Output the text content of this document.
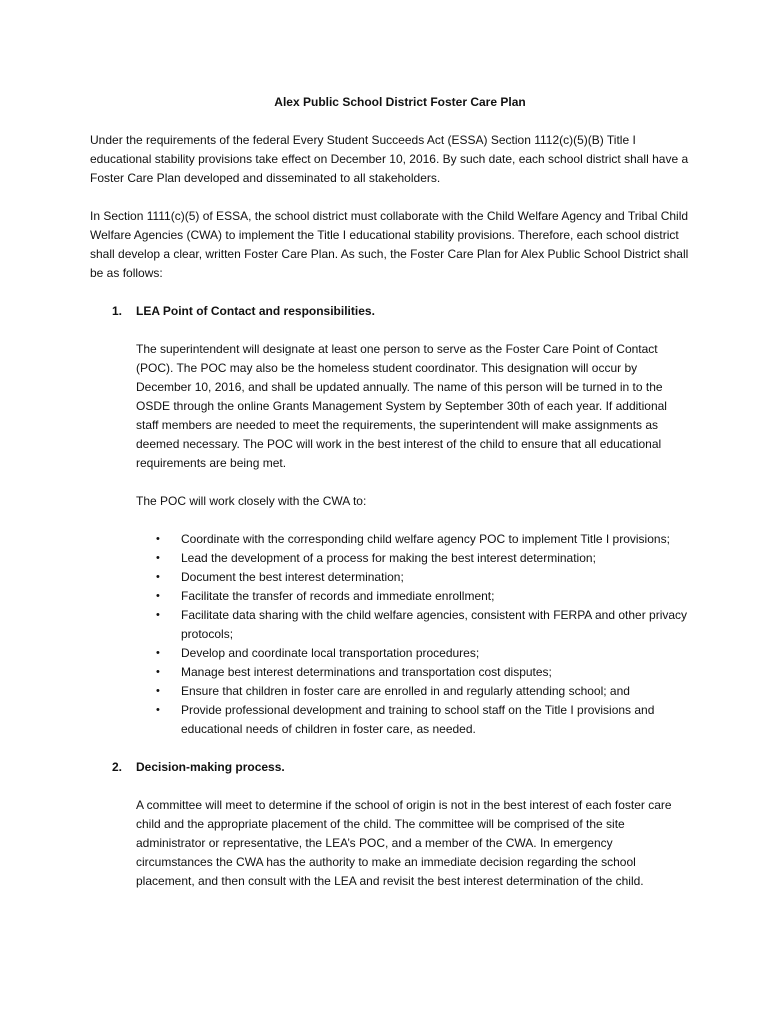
Alex Public School District Foster Care Plan

Under the requirements of the federal Every Student Succeeds Act (ESSA) Section 1112(c)(5)(B) Title I educational stability provisions take effect on December 10, 2016. By such date, each school district shall have a Foster Care Plan developed and disseminated to all stakeholders.

In Section 1111(c)(5) of ESSA, the school district must collaborate with the Child Welfare Agency and Tribal Child Welfare Agencies (CWA) to implement the Title I educational stability provisions. Therefore, each school district shall develop a clear, written Foster Care Plan. As such, the Foster Care Plan for Alex Public School District shall be as follows:

1. LEA Point of Contact and responsibilities.

The superintendent will designate at least one person to serve as the Foster Care Point of Contact (POC). The POC may also be the homeless student coordinator. This designation will occur by December 10, 2016, and shall be updated annually. The name of this person will be turned in to the OSDE through the online Grants Management System by September 30th of each year. If additional staff members are needed to meet the requirements, the superintendent will make assignments as deemed necessary. The POC will work in the best interest of the child to ensure that all educational requirements are being met.

The POC will work closely with the CWA to:

• Coordinate with the corresponding child welfare agency POC to implement Title I provisions;
• Lead the development of a process for making the best interest determination;
• Document the best interest determination;
• Facilitate the transfer of records and immediate enrollment;
• Facilitate data sharing with the child welfare agencies, consistent with FERPA and other privacy protocols;
• Develop and coordinate local transportation procedures;
• Manage best interest determinations and transportation cost disputes;
• Ensure that children in foster care are enrolled in and regularly attending school; and
• Provide professional development and training to school staff on the Title I provisions and educational needs of children in foster care, as needed.
2. Decision-making process.

A committee will meet to determine if the school of origin is not in the best interest of each foster care child and the appropriate placement of the child. The committee will be comprised of the site administrator or representative, the LEA’s POC, and a member of the CWA. In emergency circumstances the CWA has the authority to make an immediate decision regarding the school placement, and then consult with the LEA and revisit the best interest determination of the child.
